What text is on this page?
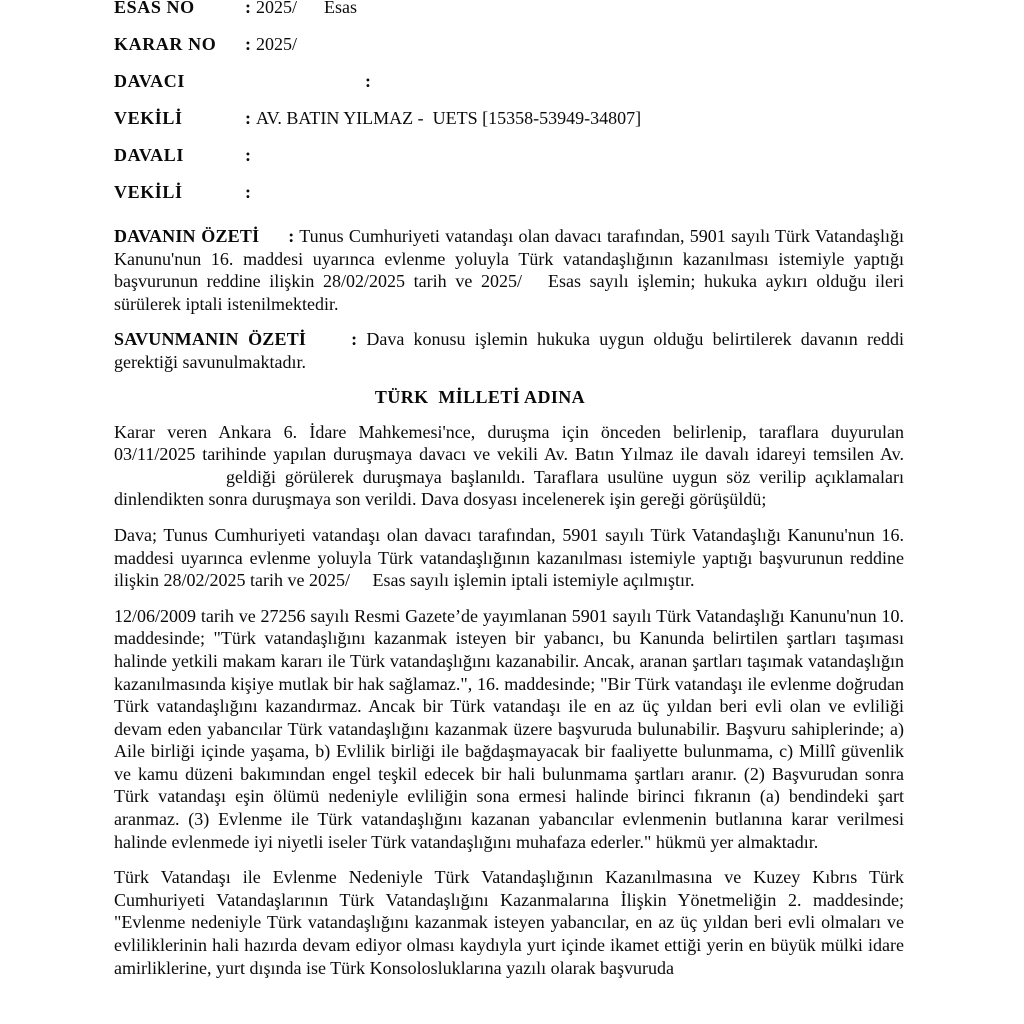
ESAS NO	: 2025/      Esas
KARAR NO : 2025/
DAVACI	:
VEKİLİ	: AV. BATIN YILMAZ -  UETS [15358-53949-34807]
DAVALI	:
VEKİLİ	:

DAVANIN ÖZETİ : Tunus Cumhuriyeti vatandaşı olan davacı tarafından, 5901 sayılı Türk Vatandaşlığı Kanunu'nun 16. maddesi uyarınca evlenme yoluyla Türk vatandaşlığının kazanılması istemiyle yaptığı başvurunun reddine ilişkin 28/02/2025 tarih ve 2025/   Esas sayılı işlemin; hukuka aykırı olduğu ileri sürülerek iptali istenilmektedir.

SAVUNMANIN ÖZETİ	: Dava konusu işlemin hukuka uygun olduğu belirtilerek davanın reddi gerektiği savunulmaktadır.

TÜRK  MİLLETİ ADINA

Karar veren Ankara 6. İdare Mahkemesi'nce, duruşma için önceden belirlenip, taraflara duyurulan 03/11/2025 tarihinde yapılan duruşmaya davacı ve vekili Av. Batın Yılmaz ile davalı idareyi temsilen Av.geldiği görülerek duruşmaya başlanıldı. Taraflara usulüne uygun söz verilip açıklamaları dinlendikten sonra duruşmaya son verildi. Dava dosyası incelenerek işin gereği görüşüldü;

Dava; Tunus Cumhuriyeti vatandaşı olan davacı tarafından, 5901 sayılı Türk Vatandaşlığı Kanunu'nun 16. maddesi uyarınca evlenme yoluyla Türk vatandaşlığının kazanılması istemiyle yaptığı başvurunun reddine ilişkin 28/02/2025 tarih ve 2025/     Esas sayılı işlemin iptali istemiyle açılmıştır.

12/06/2009 tarih ve 27256 sayılı Resmi Gazete’de yayımlanan 5901 sayılı Türk Vatandaşlığı Kanunu'nun 10. maddesinde; "Türk vatandaşlığını kazanmak isteyen bir yabancı, bu Kanunda belirtilen şartları taşıması halinde yetkili makam kararı ile Türk vatandaşlığını kazanabilir. Ancak, aranan şartları taşımak vatandaşlığın kazanılmasında kişiye mutlak bir hak sağlamaz.", 16. maddesinde; "Bir Türk vatandaşı ile evlenme doğrudan Türk vatandaşlığını kazandırmaz. Ancak bir Türk vatandaşı ile en az üç yıldan beri evli olan ve evliliği devam eden yabancılar Türk vatandaşlığını kazanmak üzere başvuruda bulunabilir. Başvuru sahiplerinde; a) Aile birliği içinde yaşama, b) Evlilik birliği ile bağdaşmayacak bir faaliyette bulunmama, c) Millî güvenlik ve kamu düzeni bakımından engel teşkil edecek bir hali bulunmama şartları aranır. (2) Başvurudan sonra Türk vatandaşı eşin ölümü nedeniyle evliliğin sona ermesi halinde birinci fıkranın (a) bendindeki şart aranmaz. (3) Evlenme ile Türk vatandaşlığını kazanan yabancılar evlenmenin butlanına karar verilmesi halinde evlenmede iyi niyetli iseler Türk vatandaşlığını muhafaza ederler." hükmü yer almaktadır.

Türk Vatandaşı ile Evlenme Nedeniyle Türk Vatandaşlığının Kazanılmasına ve Kuzey Kıbrıs Türk Cumhuriyeti Vatandaşlarının Türk Vatandaşlığını Kazanmalarına İlişkin Yönetmeliğin 2. maddesinde; "Evlenme nedeniyle Türk vatandaşlığını kazanmak isteyen yabancılar, en az üç yıldan beri evli olmaları ve evliliklerinin hali hazırda devam ediyor olması kaydıyla yurt içinde ikamet ettiği yerin en büyük mülki idare amirliklerine, yurt dışında ise Türk Konsolosluklarına yazılı olarak başvuruda
